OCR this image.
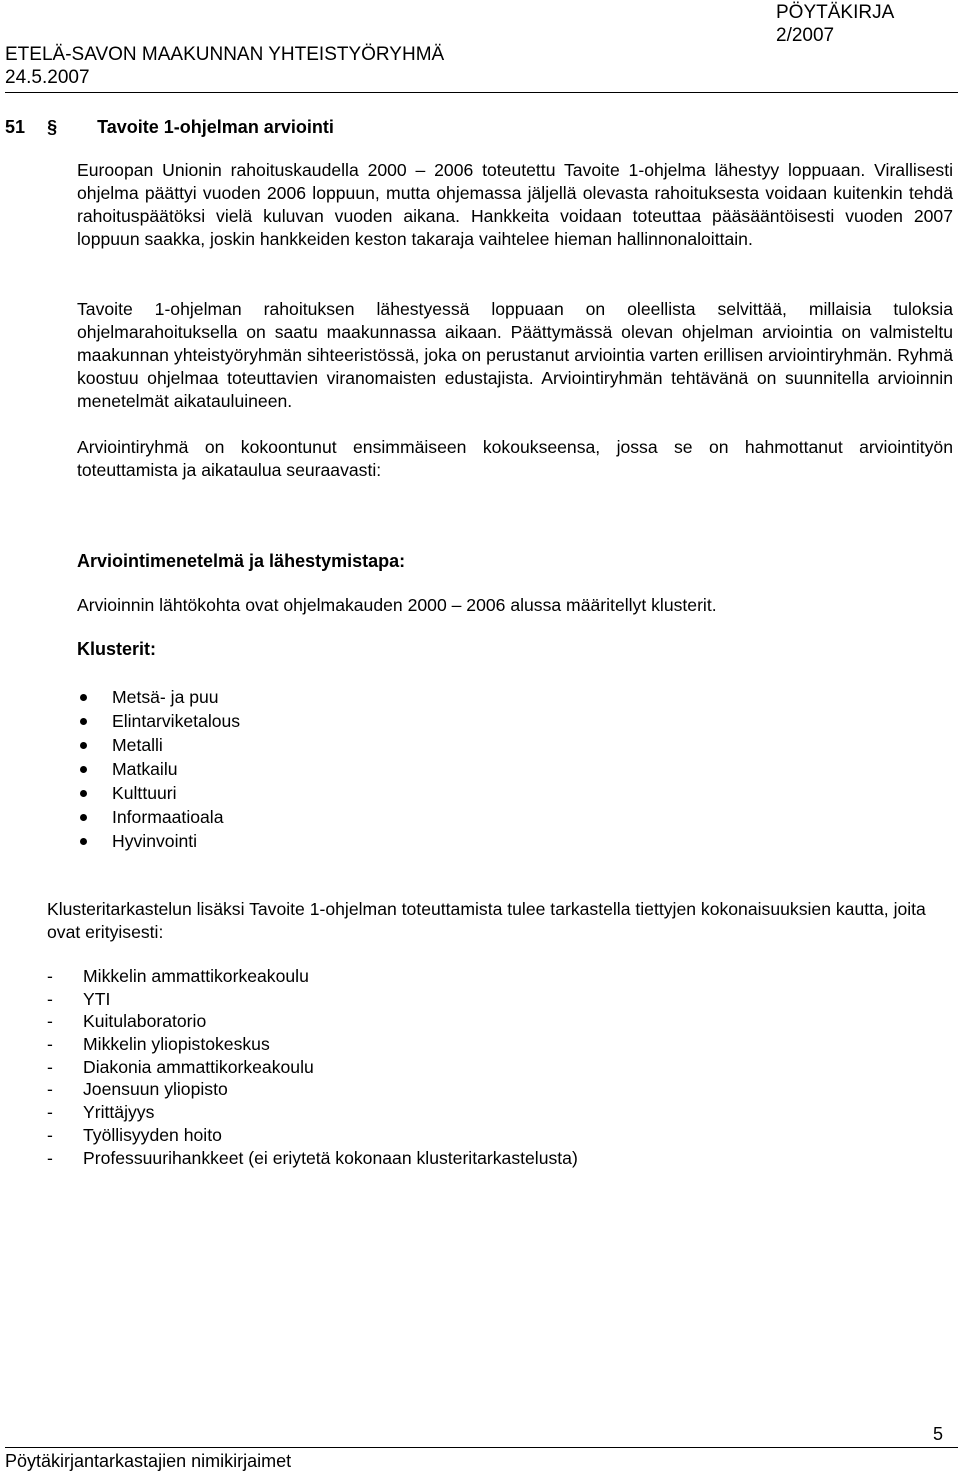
ETELÄ-SAVON MAAKUNNAN YHTEISTYÖRYHMÄ
24.5.2007
PÖYTÄKIRJA
2/2007
51 § Tavoite 1-ohjelman arviointi
Euroopan Unionin rahoituskaudella 2000 – 2006 toteutettu Tavoite 1-ohjelma lähestyy loppuaan. Virallisesti ohjelma päättyi vuoden 2006 loppuun, mutta ohjemassa jäljellä olevasta rahoituksesta voidaan kuitenkin tehdä rahoituspäätöksi vielä kuluvan vuoden aikana. Hankkeita voidaan toteuttaa pääsääntöisesti vuoden 2007 loppuun saakka, joskin hankkeiden keston takaraja vaihtelee hieman hallinnonaloittain.
Tavoite 1-ohjelman rahoituksen lähestyessä loppuaan on oleellista selvittää, millaisia tuloksia ohjelmarahoituksella on saatu maakunnassa aikaan. Päättymässä olevan ohjelman arviointia on valmisteltu maakunnan yhteistyöryhmän sihteeristössä, joka on perustanut arviointia varten erillisen arviointiryhmän. Ryhmä koostuu ohjelmaa toteuttavien viranomaisten edustajista. Arviointiryhmän tehtävänä on suunnitella arvioinnin menetelmät aikatauluineen.
Arviointiryhmä on kokoontunut ensimmäiseen kokoukseensa, jossa se on hahmottanut arviointityön toteuttamista ja aikataulua seuraavasti:
Arviointimenetelmä ja lähestymistapa:
Arvioinnin lähtökohta ovat ohjelmakauden 2000 – 2006 alussa määritellyt klusterit.
Klusterit:
Metsä- ja puu
Elintarviketalous
Metalli
Matkailu
Kulttuuri
Informaatioala
Hyvinvointi
Klusteritarkastelun lisäksi Tavoite 1-ohjelman toteuttamista tulee tarkastella tiettyjen kokonaisuuksien kautta, joita ovat erityisesti:
- Mikkelin ammattikorkeakoulu
- YTI
- Kuitulaboratorio
- Mikkelin yliopistokeskus
- Diakonia ammattikorkeakoulu
- Joensuun yliopisto
- Yrittäjyys
- Työllisyyden hoito
- Professuurihankkeet (ei eriytetä kokonaan klusteritarkastelusta)
5
Pöytäkirjantarkastajien nimikirjaimet
